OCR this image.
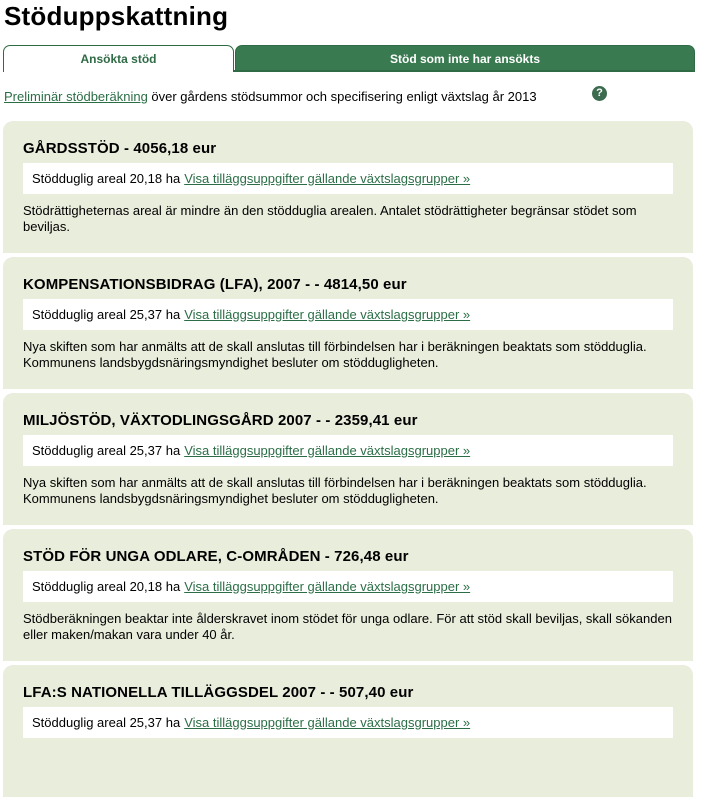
Stöduppskattning
Ansökta stöd	Stöd som inte har ansökts
Preliminär stödberäkning över gårdens stödsummor och specifisering enligt växtslag år 2013	?
GÅRDSSTÖD - 4056,18 eur
Stödduglig areal 20,18 ha Visa tilläggsuppgifter gällande växtslagsgrupper »
Stödrättigheternas areal är mindre än den stödduglia arealen. Antalet stödrättigheter begränsar stödet som beviljas.
KOMPENSATIONSBIDRAG (LFA), 2007 - - 4814,50 eur
Stödduglig areal 25,37 ha Visa tilläggsuppgifter gällande växtslagsgrupper »
Nya skiften som har anmälts att de skall anslutas till förbindelsen har i beräkningen beaktats som stödduglia. Kommunens landsbygdsnäringsmyndighet besluter om stöddugligheten.
MILJÖSTÖD, VÄXTODLINGSGÅRD 2007 - - 2359,41 eur
Stödduglig areal 25,37 ha Visa tilläggsuppgifter gällande växtslagsgrupper »
Nya skiften som har anmälts att de skall anslutas till förbindelsen har i beräkningen beaktats som stödduglia. Kommunens landsbygdsnäringsmyndighet besluter om stöddugligheten.
STÖD FÖR UNGA ODLARE, C-OMRÅDEN - 726,48 eur
Stödduglig areal 20,18 ha Visa tilläggsuppgifter gällande växtslagsgrupper »
Stödberäkningen beaktar inte ålderskravet inom stödet för unga odlare. För att stöd skall beviljas, skall sökanden eller maken/makan vara under 40 år.
LFA:S NATIONELLA TILLÄGGSDEL 2007 - - 507,40 eur
Stödduglig areal 25,37 ha Visa tilläggsuppgifter gällande växtslagsgrupper »
